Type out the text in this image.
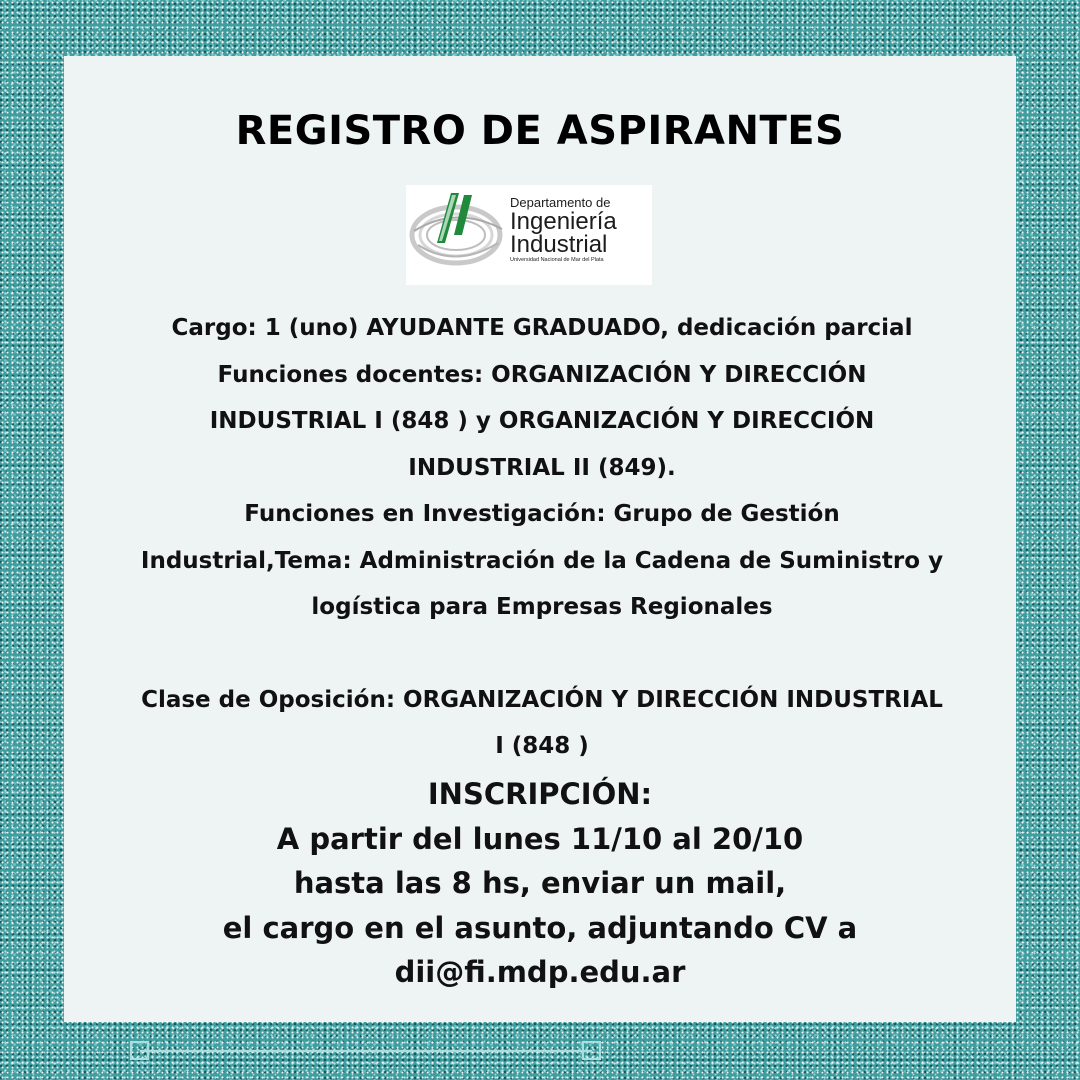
REGISTRO DE ASPIRANTES
Departamento de
Ingeniería
Industrial
Universidad Nacional de Mar del Plata
Cargo: 1 (uno) AYUDANTE GRADUADO, dedicación parcial
Funciones docentes: ORGANIZACIÓN Y DIRECCIÓN
INDUSTRIAL I (848 ) y ORGANIZACIÓN Y DIRECCIÓN
INDUSTRIAL II (849).
Funciones en Investigación: Grupo de Gestión
Industrial,Tema: Administración de la Cadena de Suministro y
logística para Empresas Regionales
Clase de Oposición: ORGANIZACIÓN Y DIRECCIÓN INDUSTRIAL
I (848 )
INSCRIPCIÓN:
A partir del lunes 11/10 al 20/10
hasta las 8 hs, enviar un mail,
el cargo en el asunto, adjuntando CV a
dii@fi.mdp.edu.ar
